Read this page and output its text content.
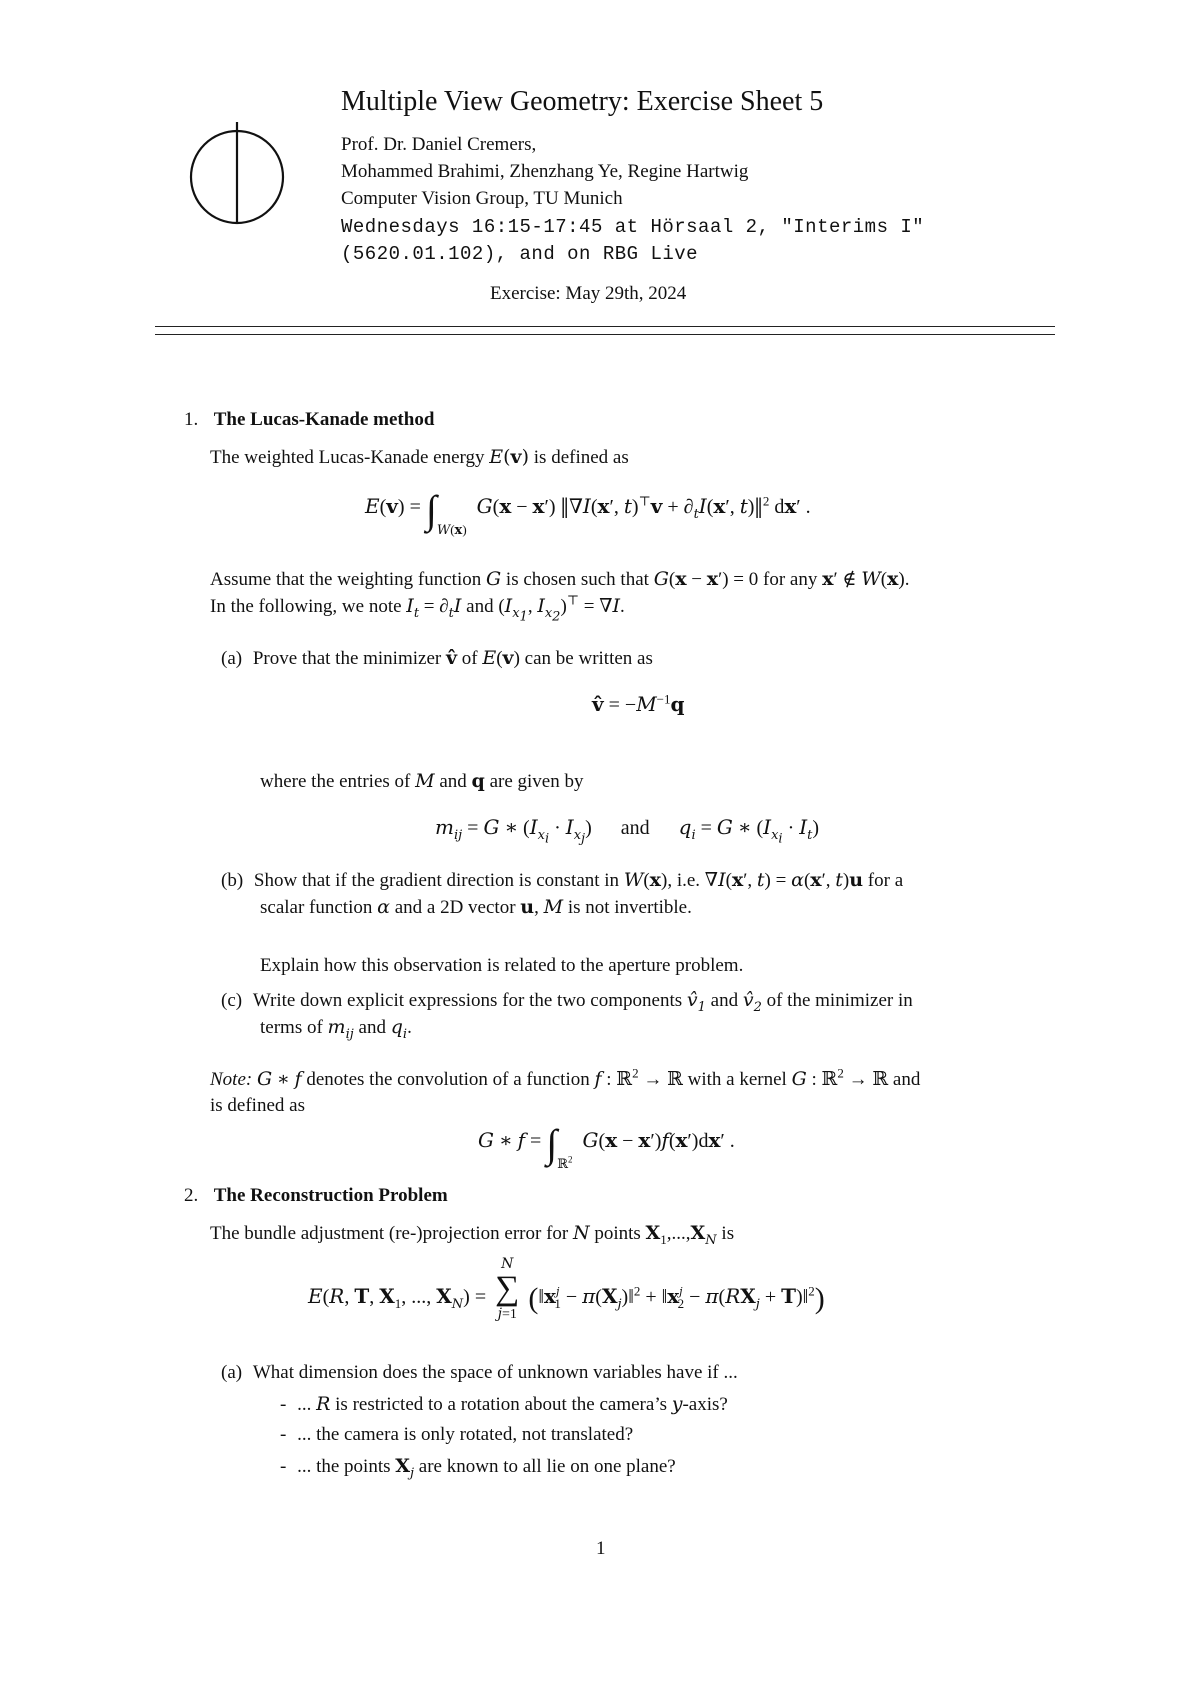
Multiple View Geometry: Exercise Sheet 5
Prof. Dr. Daniel Cremers,
Mohammed Brahimi, Zhenzhang Ye, Regine Hartwig
Computer Vision Group, TU Munich
Wednesdays 16:15-17:45 at Hörsaal 2, "Interims I"
(5620.01.102), and on RBG Live
Exercise: May 29th, 2024
1. The Lucas-Kanade method
The weighted Lucas-Kanade energy E(v) is defined as
$E(v) = \int_{W(x)}$  G(x − x′) ‖∇I(x′, $t)^⊤v + \partial_tI(x'$, t)‖$^2$ dx′ .
Assume that the weighting function G is chosen such that G(x − x′) = 0 for any x′ ∉ W(x).
In the following, we note $I_t = \partial_tI$ and ($I_{x_1}$, $I_{x_2})^⊤ = \nabla I$.
(a) Prove that the minimizer v̂ of E(v) can be written as
v̂ = $-M^{-1}q$
where the entries of M and q are given by
$m_{ij} = G$ ∗ $(I_{x_i} \cdot I_{x_j})$ and $q_i = G$ ∗ $(I_{x_i} \cdot I_t)$
(b) Show that if the gradient direction is constant in W(x), i.e. ∇I(x′, t) = α(x′, t)u for a
scalar function α and a 2D vector u, M is not invertible.
Explain how this observation is related to the aperture problem.
(c) Write down explicit expressions for the two components $v̂_1$ and $v̂_2$ of the minimizer in
terms of $m_{ij}$ and $q_i$.
Note: G ∗ f denotes the convolution of a function f : ℝ$^2$ → ℝ with a kernel G : ℝ$^2$ → ℝ and
is defined as
G ∗ $f = \int_{ℝ^2}$  G(x − x′)f(x′)dx′ .
2. The Reconstruction Problem
The bundle adjustment (re-)projection error for N points $X_1,...,X_N$ is
E(R, T, $X_1$, ..., $X_N$) =
N
∑
j=1 ($‖x^j_1$ − $\pi(X_j)‖^2$ + $‖x^j_2 - \pi(RX_j$ + T)‖$^2$)
(a) What dimension does the space of unknown variables have if ...
- ... R is restricted to a rotation about the camera’s y-axis?
- ... the camera is only rotated, not translated?
- ... the points $X_j$ are known to all lie on one plane?
1
